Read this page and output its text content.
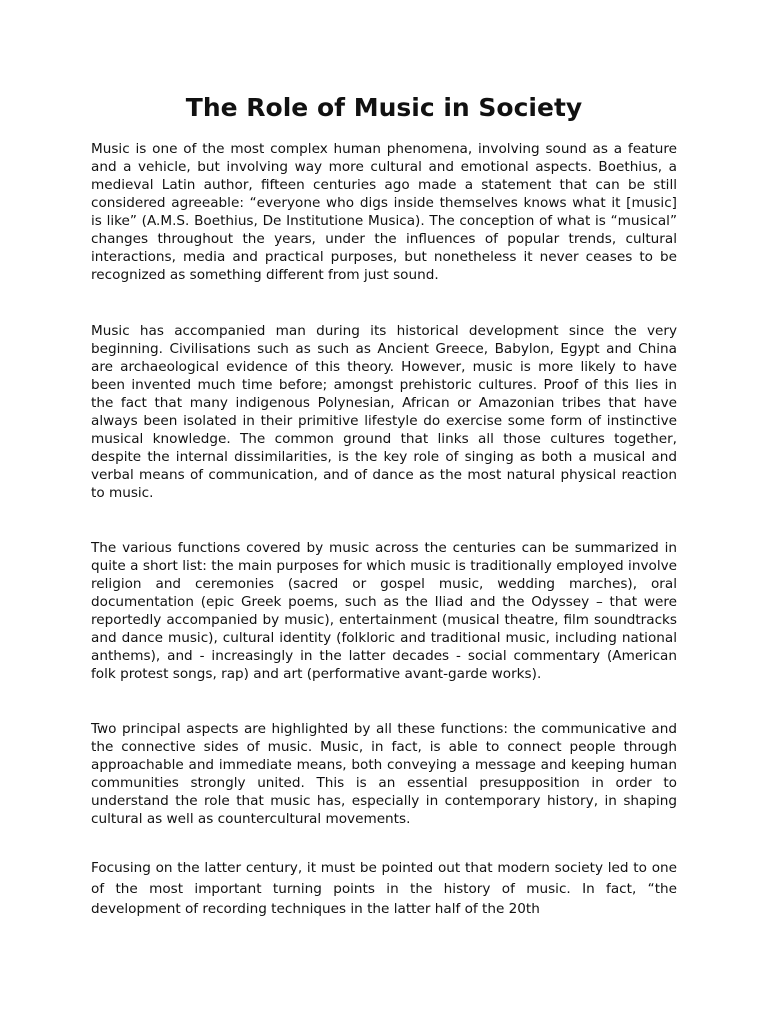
The Role of Music in Society

Music is one of the most complex human phenomena, involving sound as a feature and a vehicle, but involving way more cultural and emotional aspects. Boethius, a medieval Latin author, fifteen centuries ago made a statement that can be still considered agreeable: “everyone who digs inside themselves knows what it [music] is like” (A.M.S. Boethius, De Institutione Musica). The conception of what is “musical” changes throughout the years, under the influences of popular trends, cultural interactions, media and practical purposes, but nonetheless it never ceases to be recognized as something different from just sound.

Music has accompanied man during its historical development since the very beginning. Civilisations such as such as Ancient Greece, Babylon, Egypt and China are archaeological evidence of this theory. However, music is more likely to have been invented much time before; amongst prehistoric cultures. Proof of this lies in the fact that many indigenous Polynesian, African or Amazonian tribes that have always been isolated in their primitive lifestyle do exercise some form of instinctive musical knowledge. The common ground that links all those cultures together, despite the internal dissimilarities, is the key role of singing as both a musical and verbal means of communication, and of dance as the most natural physical reaction to music.

The various functions covered by music across the centuries can be summarized in quite a short list: the main purposes for which music is traditionally employed involve religion and ceremonies (sacred or gospel music, wedding marches), oral documentation (epic Greek poems, such as the Iliad and the Odyssey – that were reportedly accompanied by music), entertainment (musical theatre, film soundtracks and dance music), cultural identity (folkloric and traditional music, including national anthems), and - increasingly in the latter decades - social commentary (American folk protest songs, rap) and art (performative avant-garde works).

Two principal aspects are highlighted by all these functions: the communicative and the connective sides of music. Music, in fact, is able to connect people through approachable and immediate means, both conveying a message and keeping human communities strongly united. This is an essential presupposition in order to understand the role that music has, especially in contemporary history, in shaping cultural as well as countercultural movements.

Focusing on the latter century, it must be pointed out that modern society led to one of the most important turning points in the history of music. In fact, “the development of recording techniques in the latter half of the 20th
